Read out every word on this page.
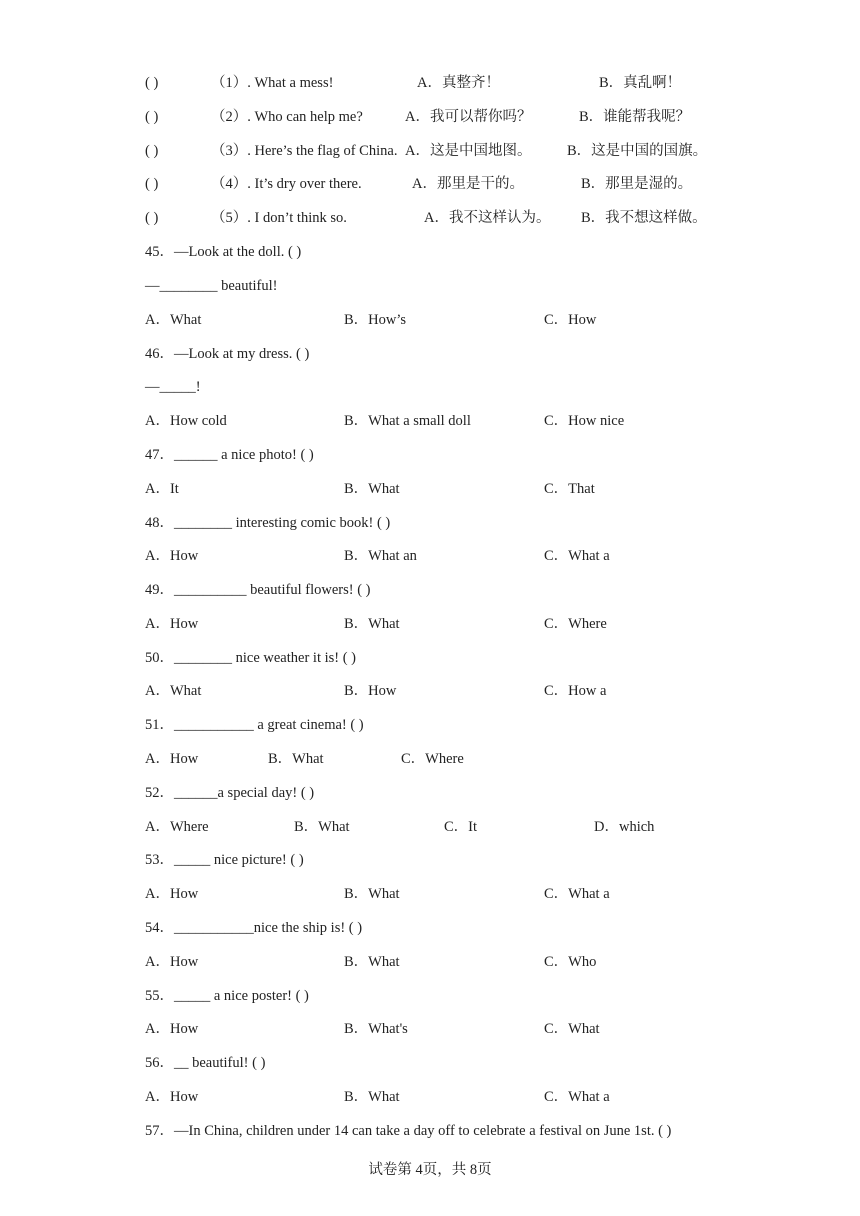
( )	（1）. What a mess!	A．真整齐！	B．真乱啊！
( )	（2）. Who can help me?	A．我可以帮你吗？	B．谁能帮我呢？
( )	（3）. Here’s the flag of China. A．这是中国地图。 B．这是中国的国旗。
( )	（4）. It’s dry over there.	A．那里是干的。	B．那里是湿的。
( )	（5）. I don’t think so.	A．我不这样认为。 B．我不想这样做。
45．—Look at the doll. ( )
—________ beautiful!
A．What	B．How’s	C．How
46．—Look at my dress. ( )
—_____!
A．How cold	B．What a small doll	C．How nice
47．______ a nice photo! ( )
A．It	B．What	C．That
48．________ interesting comic book! ( )
A．How	B．What an	C．What a
49．__________ beautiful flowers! ( )
A．How	B．What	C．Where
50．________ nice weather it is! ( )
A．What	B．How	C．How a
51．___________ a great cinema! ( )
A．How	B．What	C．Where
52．______a special day! ( )
A．Where	B．What	C．It	D．which
53．_____ nice picture! ( )
A．How	B．What	C．What a
54．___________nice the ship is! ( )
A．How	B．What	C．Who
55．_____ a nice poster! ( )
A．How	B．What's	C．What
56．__ beautiful! ( )
A．How	B．What	C．What a
57．—In China, children under 14 can take a day off to celebrate a festival on June 1st. ( )
试卷第 4页，共 8页
